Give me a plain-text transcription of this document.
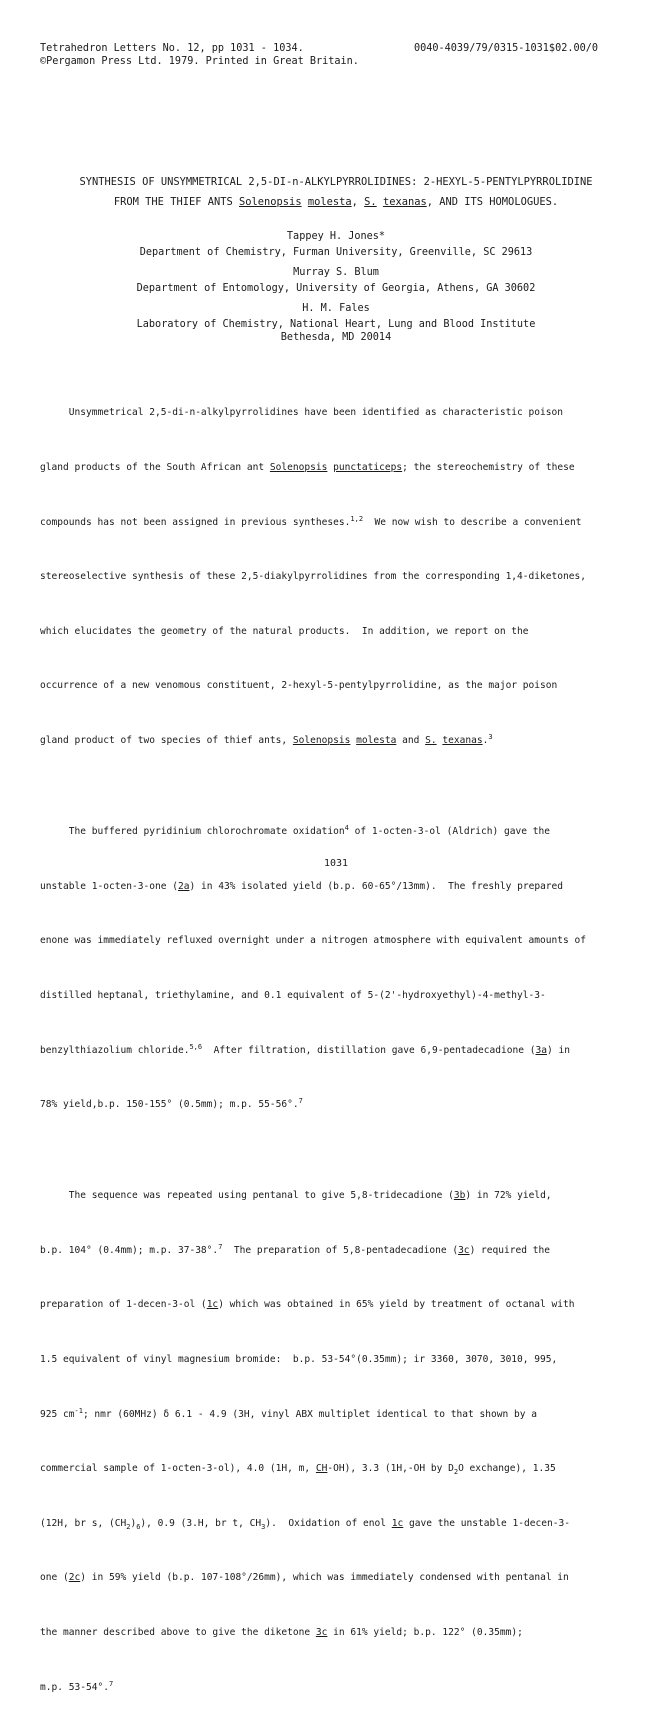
Tetrahedron Letters No. 12, pp 1031 - 1034.
©Pergamon Press Ltd. 1979. Printed in Great Britain.
0040-4039/79/0315-1031$02.00/0
SYNTHESIS OF UNSYMMETRICAL 2,5-DI-n-ALKYLPYRROLIDINES: 2-HEXYL-5-PENTYLPYRROLIDINE
FROM THE THIEF ANTS Solenopsis molesta, S. texanas, AND ITS HOMOLOGUES.
Tappey H. Jones*
Department of Chemistry, Furman University, Greenville, SC 29613
Murray S. Blum
Department of Entomology, University of Georgia, Athens, GA 30602
H. M. Fales
Laboratory of Chemistry, National Heart, Lung and Blood Institute
Bethesda, MD 20014

Unsymmetrical 2,5-di-n-alkylpyrrolidines have been identified as characteristic poison

gland products of the South African ant Solenopsis punctaticeps; the stereochemistry of these

compounds has not been assigned in previous syntheses.$^{1,2}$  We now wish to describe a convenient

stereoselective synthesis of these 2,5-diakylpyrrolidines from the corresponding 1,4-diketones,

which elucidates the geometry of the natural products.  In addition, we report on the

occurrence of a new venomous constituent, 2-hexyl-5-pentylpyrrolidine, as the major poison

gland product of two species of thief ants, Solenopsis molesta and S. texanas.$^3$

The buffered pyridinium chlorochromate oxidation$^4$ of 1-octen-3-ol (Aldrich) gave the

unstable 1-octen-3-one (2a) in 43% isolated yield (b.p. 60-65°/13mm).  The freshly prepared

enone was immediately refluxed overnight under a nitrogen atmosphere with equivalent amounts of

distilled heptanal, triethylamine, and 0.1 equivalent of 5-(2'-hydroxyethyl)-4-methyl-3-

benzylthiazolium chloride.$^{5,6}$  After filtration, distillation gave 6,9-pentadecadione (3a) in

78% yield,b.p. 150-155° (0.5mm); m.p. 55-56°.$^7$

The sequence was repeated using pentanal to give 5,8-tridecadione (3b) in 72% yield,

b.p. 104° (0.4mm); m.p. 37-38°.$^7$  The preparation of 5,8-pentadecadione (3c) required the

preparation of 1-decen-3-ol (1c) which was obtained in 65% yield by treatment of octanal with

1.5 equivalent of vinyl magnesium bromide:  b.p. 53-54°(0.35mm); ir 3360, 3070, 3010, 995,

925 $cm^{-1}$; nmr (60MHz) δ 6.1 - 4.9 (3H, vinyl ABX multiplet identical to that shown by a

commercial sample of 1-octen-3-ol), 4.0 (1H, m, CH-OH), 3.3 (1H,-OH by $D_2O$ exchange), 1.35

(12H, br s, $(CH_2)_6$), 0.9 (3.H, br t, $CH_3$).  Oxidation of enol 1c gave the unstable 1-decen-3-

one (2c) in 59% yield (b.p. 107-108°/26mm), which was immediately condensed with pentanal in

the manner described above to give the diketone 3c in 61% yield; b.p. 122° (0.35mm);

m.p. 53-54°.$^7$

1031
